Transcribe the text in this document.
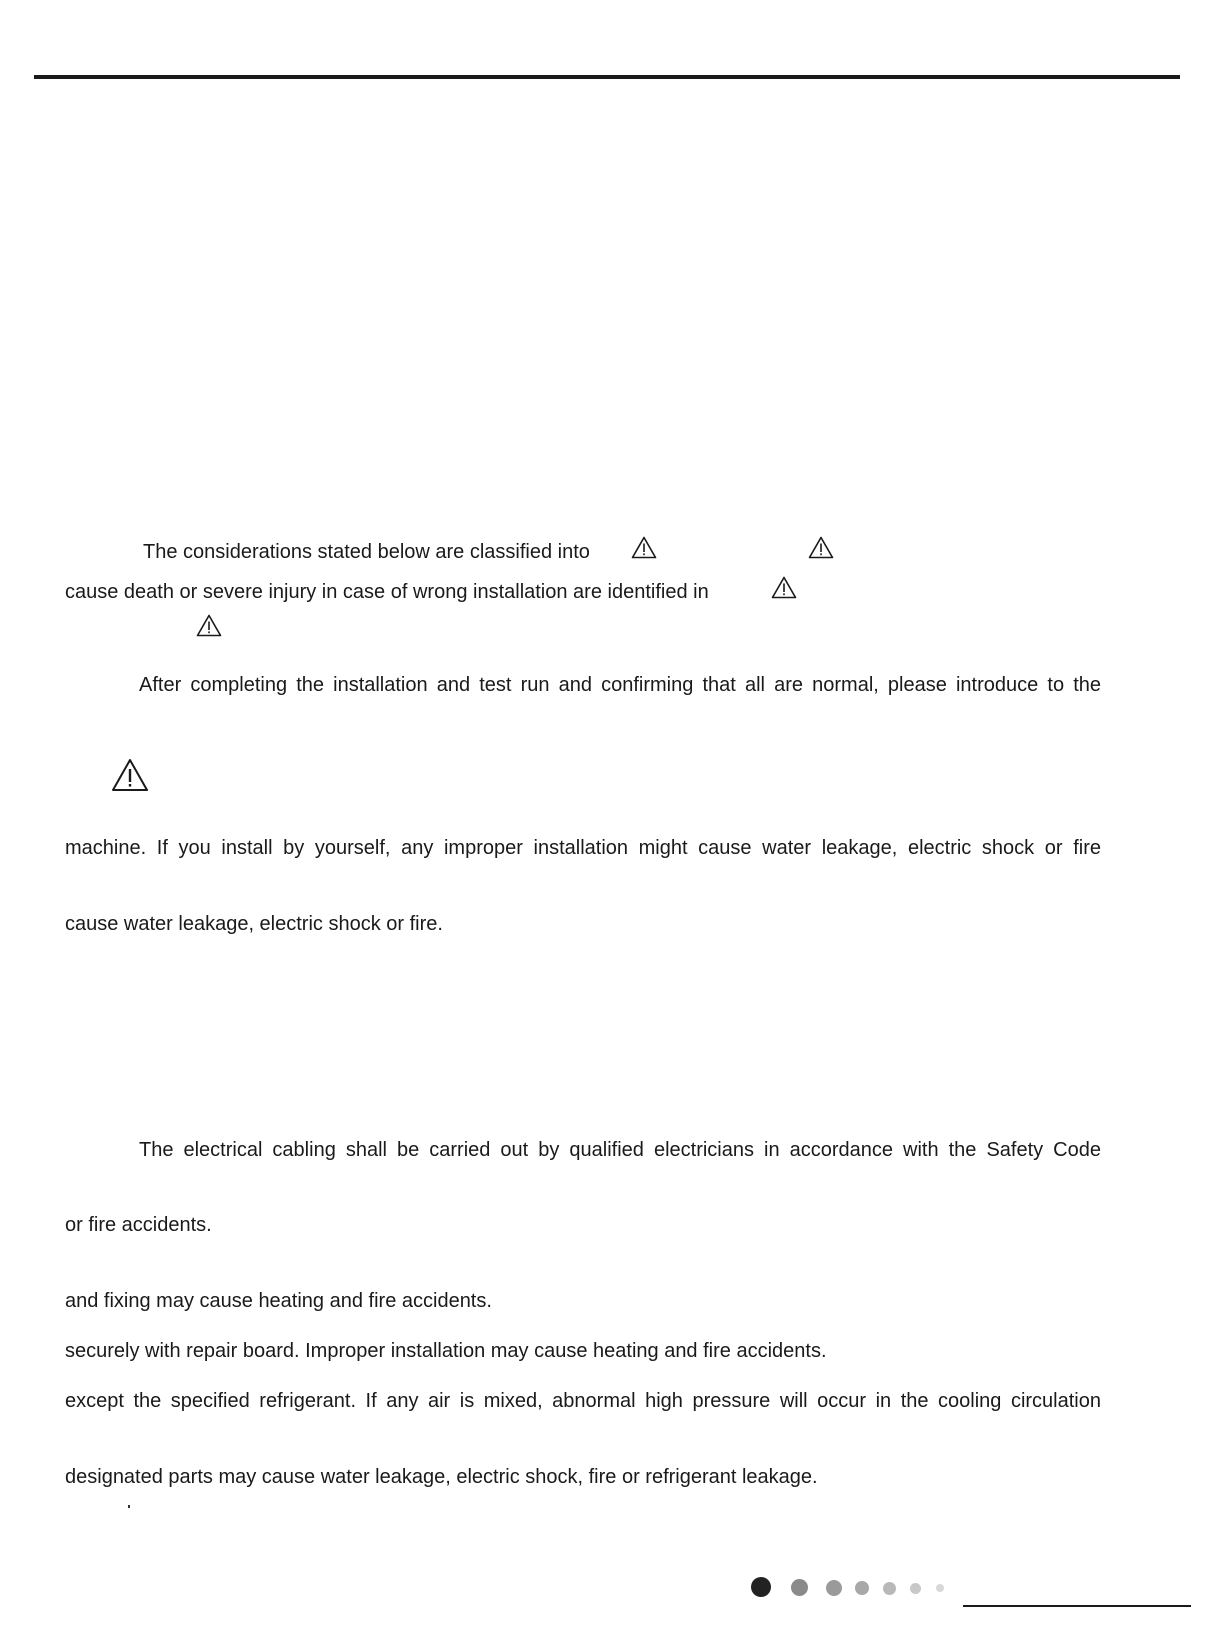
The considerations stated below are classified into

cause death or severe injury in case of wrong installation are identified in

After completing the installation and test run and confirming that all are normal, please introduce to the

machine. If you install by yourself, any improper installation might cause water leakage, electric shock or fire

cause water leakage, electric shock or fire.

The electrical cabling shall be carried out by qualified electricians in accordance with the Safety Code

or fire accidents.

and fixing may cause heating and fire accidents.

securely with repair board. Improper installation may cause heating and fire accidents.

except the specified refrigerant. If any air is mixed, abnormal high pressure will occur in the cooling circulation

designated parts may cause water leakage, electric shock, fire or refrigerant leakage.
